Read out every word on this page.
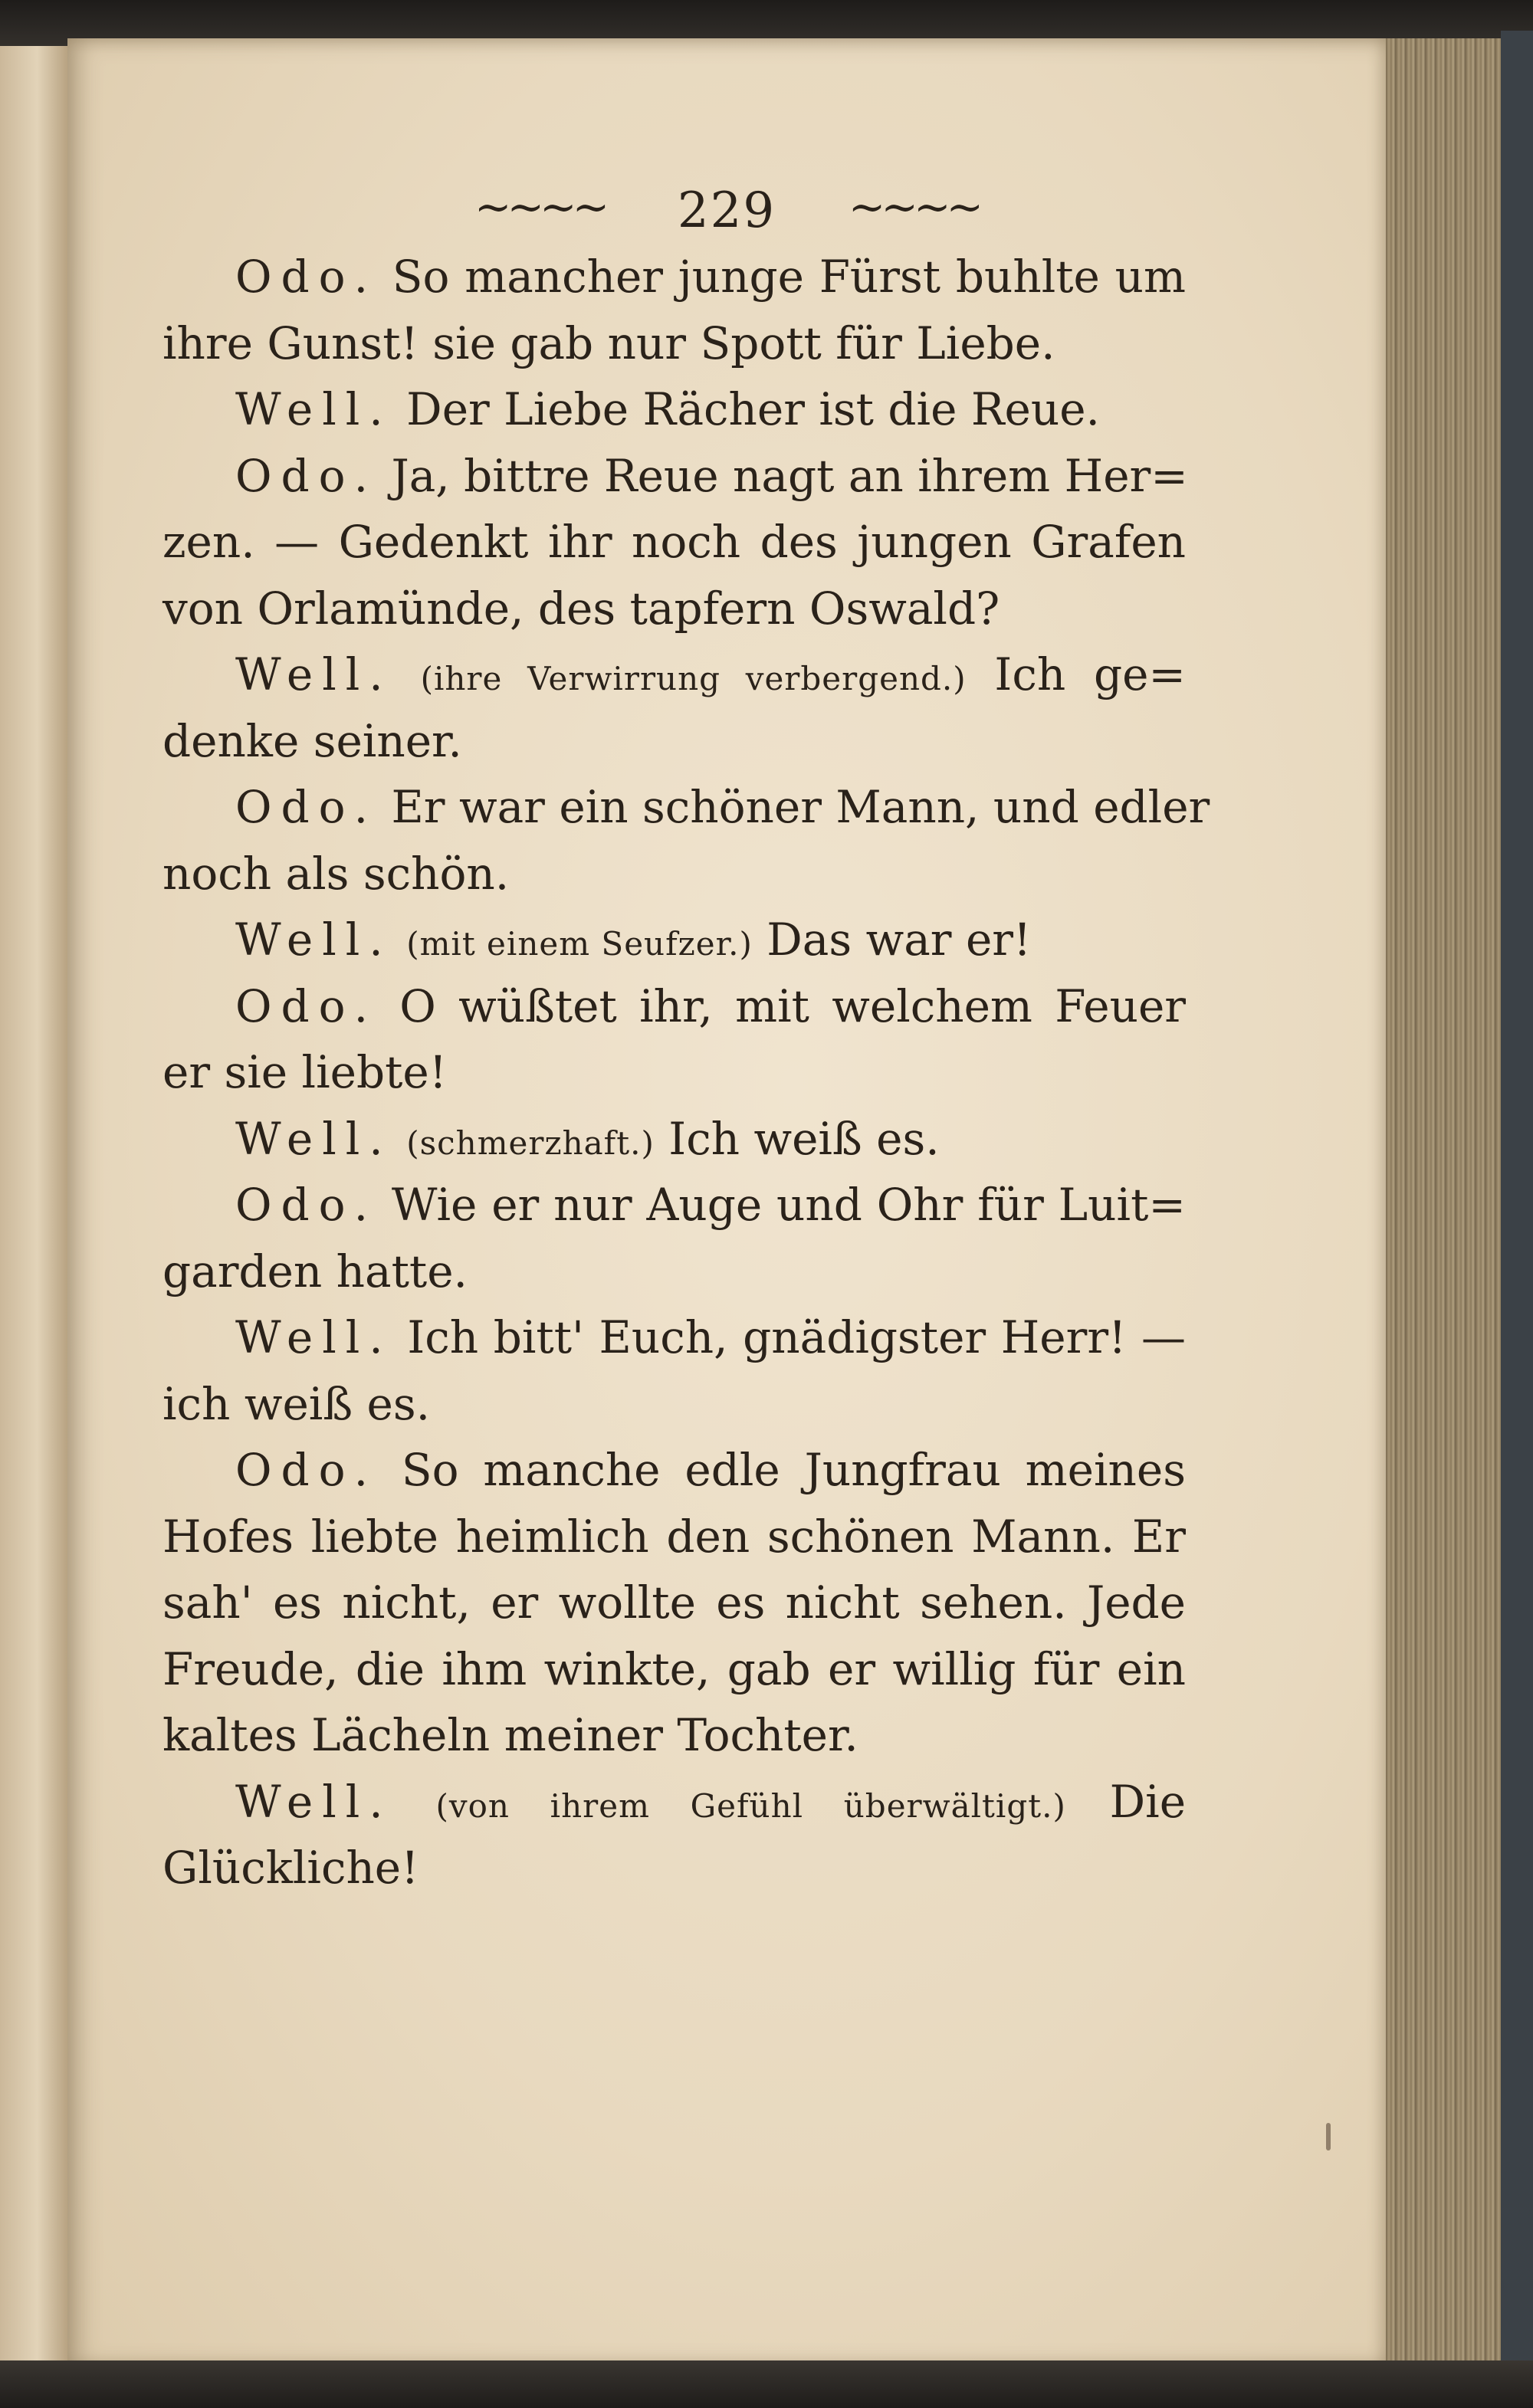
~~~~ 229 ~~~~
Odo. So mancher junge Fürst buhlte um
ihre Gunst! sie gab nur Spott für Liebe.
Well. Der Liebe Rächer ist die Reue.
Odo. Ja, bittre Reue nagt an ihrem Her=
zen. — Gedenkt ihr noch des jungen Grafen
von Orlamünde, des tapfern Oswald?
Well. (ihre Verwirrung verbergend.) Ich ge=
denke seiner.
Odo. Er war ein schöner Mann, und edler
noch als schön.
Well. (mit einem Seufzer.) Das war er!
Odo. O wüßtet ihr, mit welchem Feuer
er sie liebte!
Well. (schmerzhaft.) Ich weiß es.
Odo. Wie er nur Auge und Ohr für Luit=
garden hatte.
Well. Ich bitt' Euch, gnädigster Herr! —
ich weiß es.
Odo. So manche edle Jungfrau meines
Hofes liebte heimlich den schönen Mann. Er
sah' es nicht, er wollte es nicht sehen. Jede
Freude, die ihm winkte, gab er willig für ein
kaltes Lächeln meiner Tochter.
Well. (von ihrem Gefühl überwältigt.) Die
Glückliche!
